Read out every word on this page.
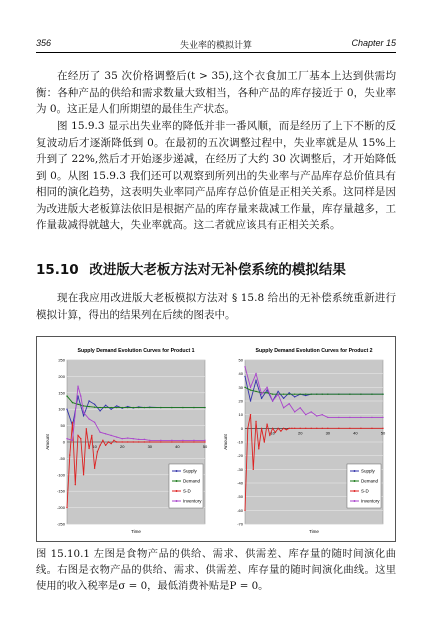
356	失业率的模拟计算	Chapter 15

在经历了 35 次价格调整后(t > 35),这个衣食加工厂基本上达到供需均衡：各种产品的供给和需求数量大致相当，各种产品的库存接近于 0，失业率为 0。这正是人们所期望的最佳生产状态。

图 15.9.3 显示出失业率的降低并非一番风顺，而是经历了上下不断的反复波动后才逐渐降低到 0。在最初的五次调整过程中，失业率就是从 15%上升到了 22%,然后才开始逐步递减，在经历了大约 30 次调整后，才开始降低到 0。从图 15.9.3 我们还可以观察到所列出的失业率与产品库存总价值具有相同的演化趋势，这表明失业率同产品库存总价值是正相关关系。这同样是因为改进版大老板算法依旧是根据产品的库存量来裁减工作量，库存量越多，工作量裁减得就越大，失业率就高。这二者就应该具有正相关关系。

15.10 改进版大老板方法对无补偿系统的模拟结果

现在我应用改进版大老板模拟方法对 § 15.8 给出的无补偿系统重新进行模拟计算，得出的结果列在后续的图表中。

-250
-200
-150
-100
-50
0
50
100
150
200
250
10	20	30	40	50
Supply Demand Evolution Curves for Product 1
Time
Amount
Supply
Demand
S-D
Inventory
-70
-60
-50
-40
-30
-20
-10
0
10
20
30
40
50
10	20	30	40	50
Supply Demand Evolution Curves for Product 2
Time
Amount
Supply
Demand
S-D
Inventory

图 15.10.1 左图是食物产品的供给、需求、供需差、库存量的随时间演化曲线。右图是衣物产品的供给、需求、供需差、库存量的随时间演化曲线。这里使用的收入税率是σ = 0，最低消费补贴是P = 0。
